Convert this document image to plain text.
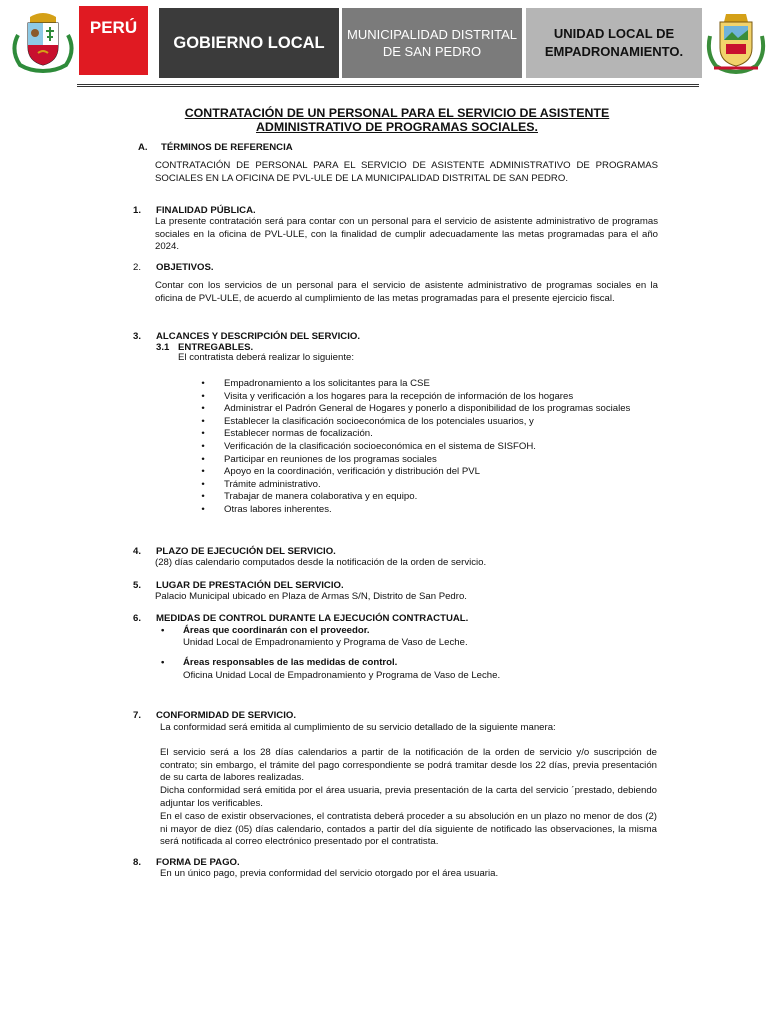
PERÚ
GOBIERNO LOCAL	MUNICIPALIDAD DISTRITAL DE SAN PEDRO
UNIDAD LOCAL DE EMPADRONAMIENTO.
CONTRATACIÓN DE UN PERSONAL PARA EL SERVICIO DE ASISTENTE ADMINISTRATIVO DE PROGRAMAS SOCIALES.
A. TÉRMINOS DE REFERENCIA
CONTRATACIÓN DE PERSONAL PARA EL SERVICIO DE ASISTENTE ADMINISTRATIVO DE PROGRAMAS SOCIALES EN LA OFICINA DE PVL-ULE DE LA MUNICIPALIDAD DISTRITAL DE SAN PEDRO.
1. FINALIDAD PÚBLICA.
La presente contratación será para contar con un personal para el servicio de asistente administrativo de programas sociales en la oficina de PVL-ULE, con la finalidad de cumplir adecuadamente las metas programadas para el año 2024.
2. OBJETIVOS.
Contar con los servicios de un personal para el servicio de asistente administrativo de programas sociales en la oficina de PVL-ULE, de acuerdo al cumplimiento de las metas programadas para el presente ejercicio fiscal.
3. ALCANCES Y DESCRIPCIÓN DEL SERVICIO.
3.1 ENTREGABLES.
El contratista deberá realizar lo siguiente:
•	Empadronamiento a los solicitantes para la CSE
•	Visita y verificación a los hogares para la recepción de información de los hogares
•	Administrar el Padrón General de Hogares y ponerlo a disponibilidad de los programas sociales
•	Establecer la clasificación socioeconómica de los potenciales usuarios, y
•	Establecer normas de focalización.
•	Verificación de la clasificación socioeconómica en el sistema de SISFOH.
•	Participar en reuniones de los programas sociales
•	Apoyo en la coordinación, verificación y distribución del PVL
•	Trámite administrativo.
•	Trabajar de manera colaborativa y en equipo.
•	Otras labores inherentes.
4. PLAZO DE EJECUCIÓN DEL SERVICIO.
(28) días calendario computados desde la notificación de la orden de servicio.
5. LUGAR DE PRESTACIÓN DEL SERVICIO.
Palacio Municipal ubicado en Plaza de Armas S/N, Distrito de San Pedro.
6. MEDIDAS DE CONTROL DURANTE LA EJECUCIÓN CONTRACTUAL.
• Áreas que coordinarán con el proveedor.
Unidad Local de Empadronamiento y Programa de Vaso de Leche.
• Áreas responsables de las medidas de control.
Oficina Unidad Local de Empadronamiento y Programa de Vaso de Leche.
7. CONFORMIDAD DE SERVICIO.
La conformidad será emitida al cumplimiento de su servicio detallado de la siguiente manera:
El servicio será a los 28 días calendarios a partir de la notificación de la orden de servicio y/o suscripción de contrato; sin embargo, el trámite del pago correspondiente se podrá tramitar desde los 22 días, previa presentación de su carta de labores realizadas.
Dicha conformidad será emitida por el área usuaria, previa presentación de la carta del servicio ´prestado, debiendo adjuntar los verificables.
En el caso de existir observaciones, el contratista deberá proceder a su absolución en un plazo no menor de dos (2) ni mayor de diez (05) días calendario, contados a partir del día siguiente de notificado las observaciones, la misma será notificada al correo electrónico presentado por el contratista.
8. FORMA DE PAGO.
En un único pago, previa conformidad del servicio otorgado por el área usuaria.
